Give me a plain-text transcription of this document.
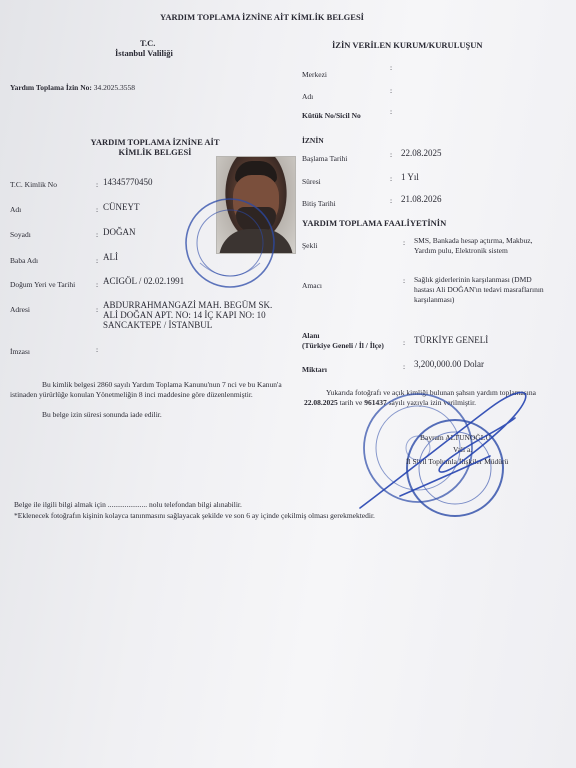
YARDIM TOPLAMA İZNİNE AİT KİMLİK BELGESİ
T.C.
İstanbul Valiliği
İZİN VERİLEN KURUM/KURULUŞUN
Yardım Toplama İzin No: 34.2025.3558
Merkezi
:
Adı
:
Kütük No/Sicil No	:
YARDIM TOPLAMA İZNİNE AİT KİMLİK BELGESİ
T.C. Kimlik No	: 14345770450
Adı	: CÜNEYT
Soyadı	: DOĞAN
Baba Adı	: ALİ
Doğum Yeri ve Tarihi	: ACIGÖL / 02.02.1991
Adresi	: ABDURRAHMANGAZİ MAH. BEGÜM SK. ALİ DOĞAN APT. NO: 14 İÇ KAPI NO: 10 SANCAKTEPE / İSTANBUL
İmzası	:
İZNİN
Başlama Tarihi	: 22.08.2025
Süresi	: 1 Yıl
Bitiş Tarihi	: 21.08.2026
YARDIM TOPLAMA FAALİYETİNİN
Şekli	: SMS, Bankada hesap açtırma, Makbuz, Yardım pulu, Elektronik sistem
Amacı
: Sağlık giderlerinin karşılanması (DMD hastası Ali DOĞAN'ın tedavi masraflarının karşılanması)
Alanı
(Türkiye Geneli / İl / İlçe)	: TÜRKİYE GENELİ
Miktarı	: 3,200,000.00 Dolar
Bu kimlik belgesi 2860 sayılı Yardım Toplama Kanunu'nun 7 nci ve bu Kanun'a istinaden yürürlüğe konulan Yönetmeliğin 8 inci maddesine göre düzenlenmiştir.
Bu belge izin süresi sonunda iade edilir.
Yukarıda fotoğrafı ve açık kimliği bulunan şahsın yardım toplamasına 22.08.2025 tarih ve 961437 sayılı yazıyla izin verilmiştir.
Bayram ALTUNOĞLU
Vali a.
İl Sivil Toplumla İlişkiler Müdürü
Belge ile ilgili bilgi almak için ..................... nolu telefondan bilgi alınabilir.
*Eklenecek fotoğrafın kişinin kolayca tanınmasını sağlayacak şekilde ve son 6 ay içinde çekilmiş olması gerekmektedir.
